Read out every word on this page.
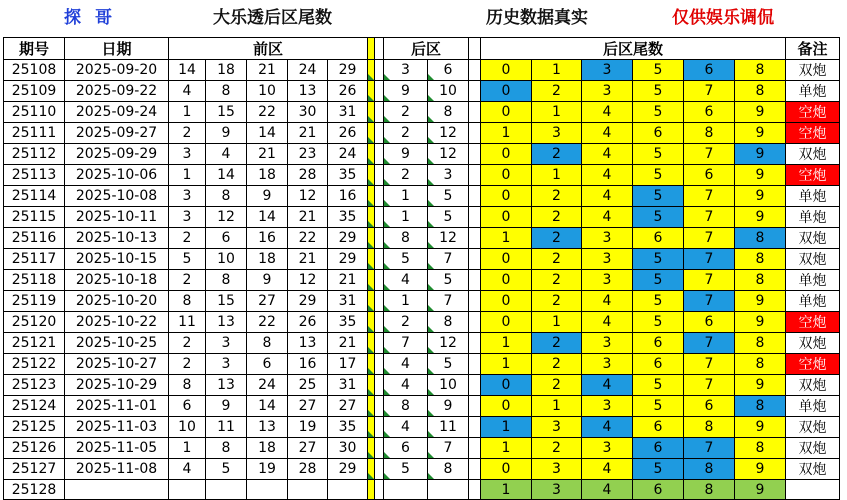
探哥	大乐透后区尾数	历史数据真实	仅供娱乐调侃
期号	日期	前区							后区			后区尾数						备注
25108	2025-09-20	14	18	21	24	29			3	6		0	1	3	5	6	8	双炮
25109	2025-09-22	4	8	10	13	26			9	10		0	2	3	5	7	8	单炮
25110	2025-09-24	1	15	22	30	31			2	8		0	1	4	5	6	9	空炮
25111	2025-09-27	2	9	14	21	26			2	12		1	3	4	6	8	9	空炮
25112	2025-09-29	3	4	21	23	24			9	12		0	2	4	5	7	9	双炮
25113	2025-10-06	1	14	18	28	35			2	3		0	1	4	5	6	9	空炮
25114	2025-10-08	3	8	9	12	16			1	5		0	2	4	5	7	9	单炮
25115	2025-10-11	3	12	14	21	35			1	5		0	2	4	5	7	9	单炮
25116	2025-10-13	2	6	16	22	29			8	12		1	2	3	6	7	8	双炮
25117	2025-10-15	5	10	18	21	29			5	7		0	2	3	5	7	8	双炮
25118	2025-10-18	2	8	9	12	21			4	5		0	2	3	5	7	8	单炮
25119	2025-10-20	8	15	27	29	31			1	7		0	2	4	5	7	9	单炮
25120	2025-10-22	11	13	22	26	35			2	8		0	1	4	5	6	9	空炮
25121	2025-10-25	2	3	8	13	21			7	12		1	2	3	6	7	8	双炮
25122	2025-10-27	2	3	6	16	17			4	5		1	2	3	6	7	8	空炮
25123	2025-10-29	8	13	24	25	31			4	10		0	2	4	5	7	9	双炮
25124	2025-11-01	6	9	14	27	27			8	9		0	1	3	5	6	8	单炮
25125	2025-11-03	10	11	13	19	35			4	11		1	3	4	6	8	9	双炮
25126	2025-11-05	1	8	18	27	30			6	7		1	2	3	6	7	8	双炮
25127	2025-11-08	4	5	19	28	29			5	8		0	3	4	5	8	9	双炮
25128												1	3	4	6	8	9	
